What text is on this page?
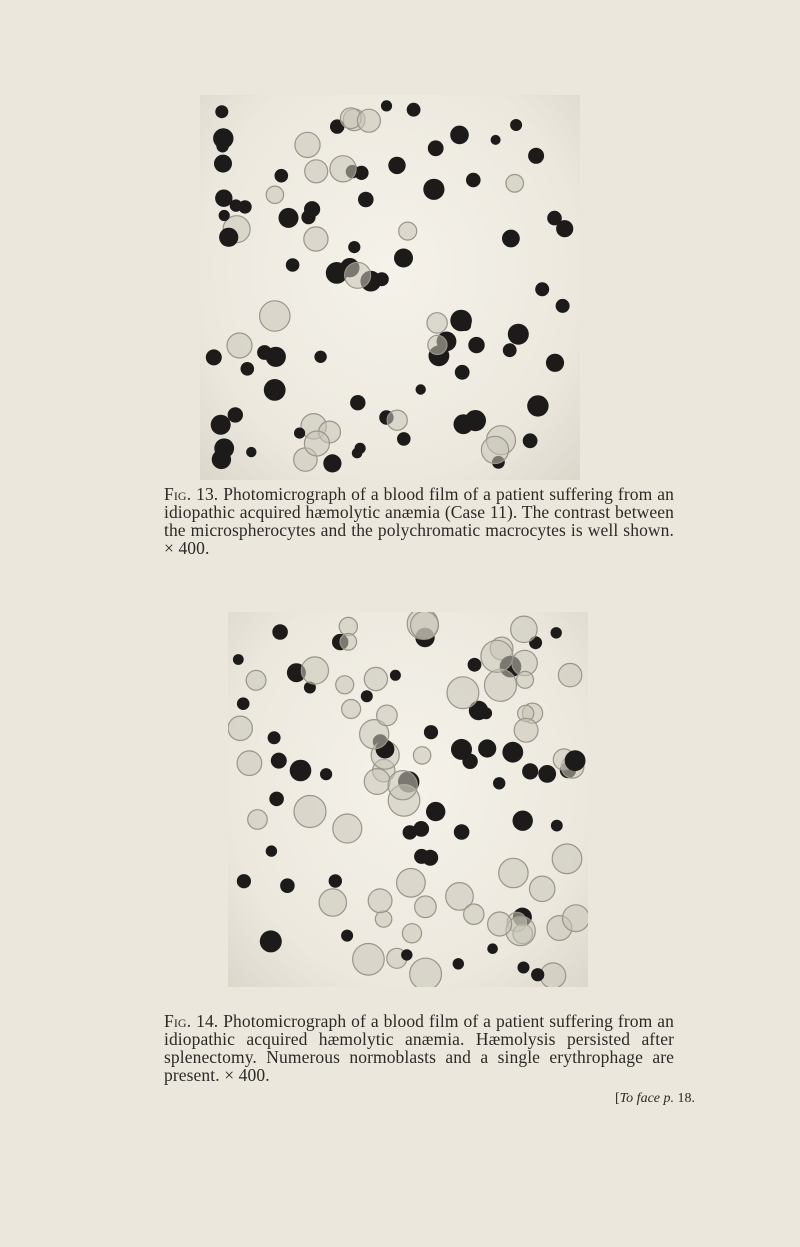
Fig. 13. Photomicrograph of a blood film of a patient suffering from an idiopathic acquired hæmolytic anæmia (Case 11). The contrast between the microspherocytes and the polychromatic macrocytes is well shown. × 400.
Fig. 14. Photomicrograph of a blood film of a patient suffering from an idiopathic acquired hæmolytic anæmia. Hæmolysis persisted after splenectomy. Numerous normoblasts and a single erythrophage are present. × 400.
[To face p. 18.
